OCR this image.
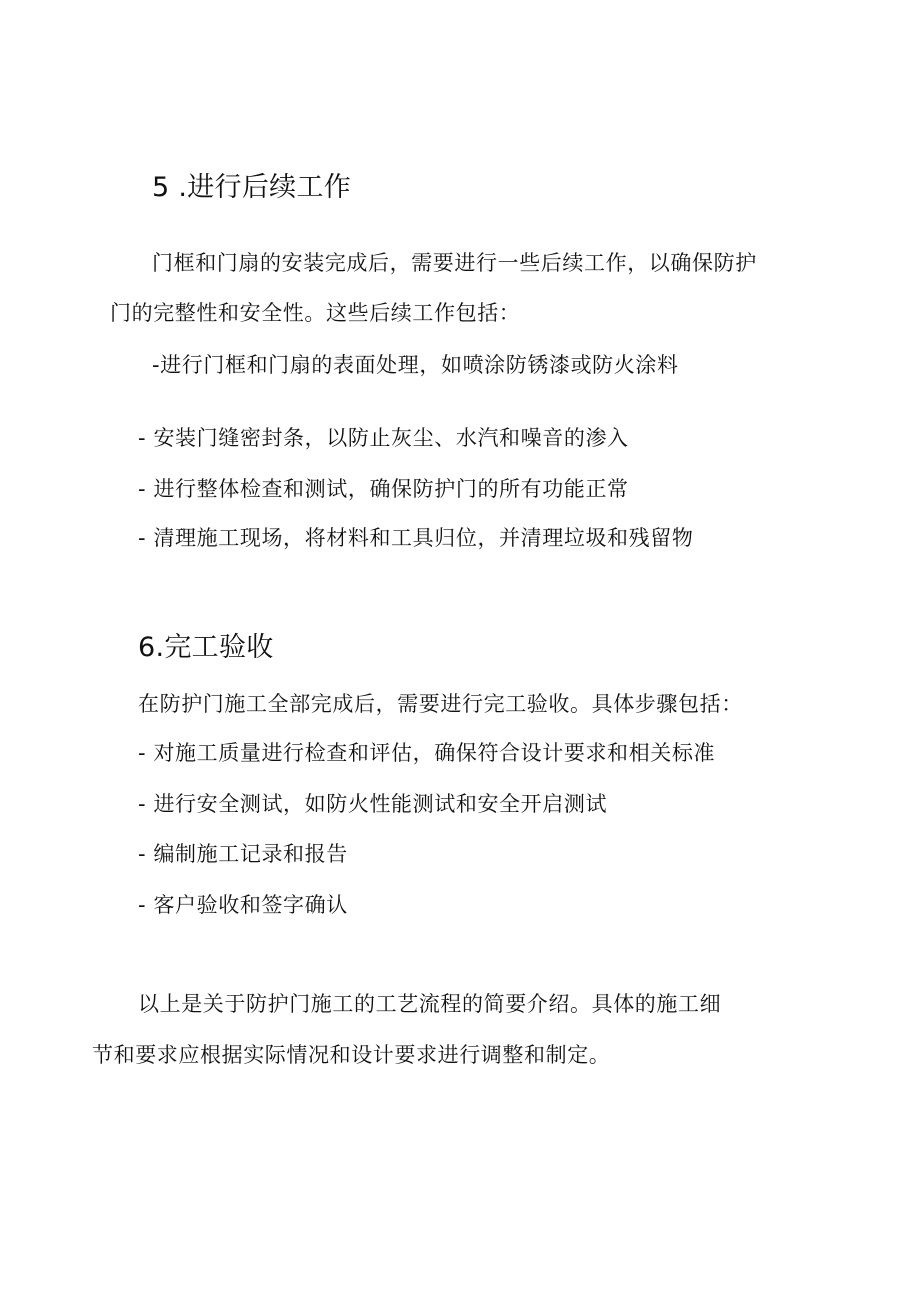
5 .进行后续工作
门框和门扇的安装完成后，需要进行一些后续工作，以确保防护
门的完整性和安全性。这些后续工作包括：
-进行门框和门扇的表面处理，如喷涂防锈漆或防火涂料
- 安装门缝密封条，以防止灰尘、水汽和噪音的渗入
- 进行整体检查和测试，确保防护门的所有功能正常
- 清理施工现场，将材料和工具归位，并清理垃圾和残留物
6.完工验收
在防护门施工全部完成后，需要进行完工验收。具体步骤包括：
- 对施工质量进行检查和评估，确保符合设计要求和相关标准
- 进行安全测试，如防火性能测试和安全开启测试
- 编制施工记录和报告
- 客户验收和签字确认
以上是关于防护门施工的工艺流程的简要介绍。具体的施工细
节和要求应根据实际情况和设计要求进行调整和制定。
